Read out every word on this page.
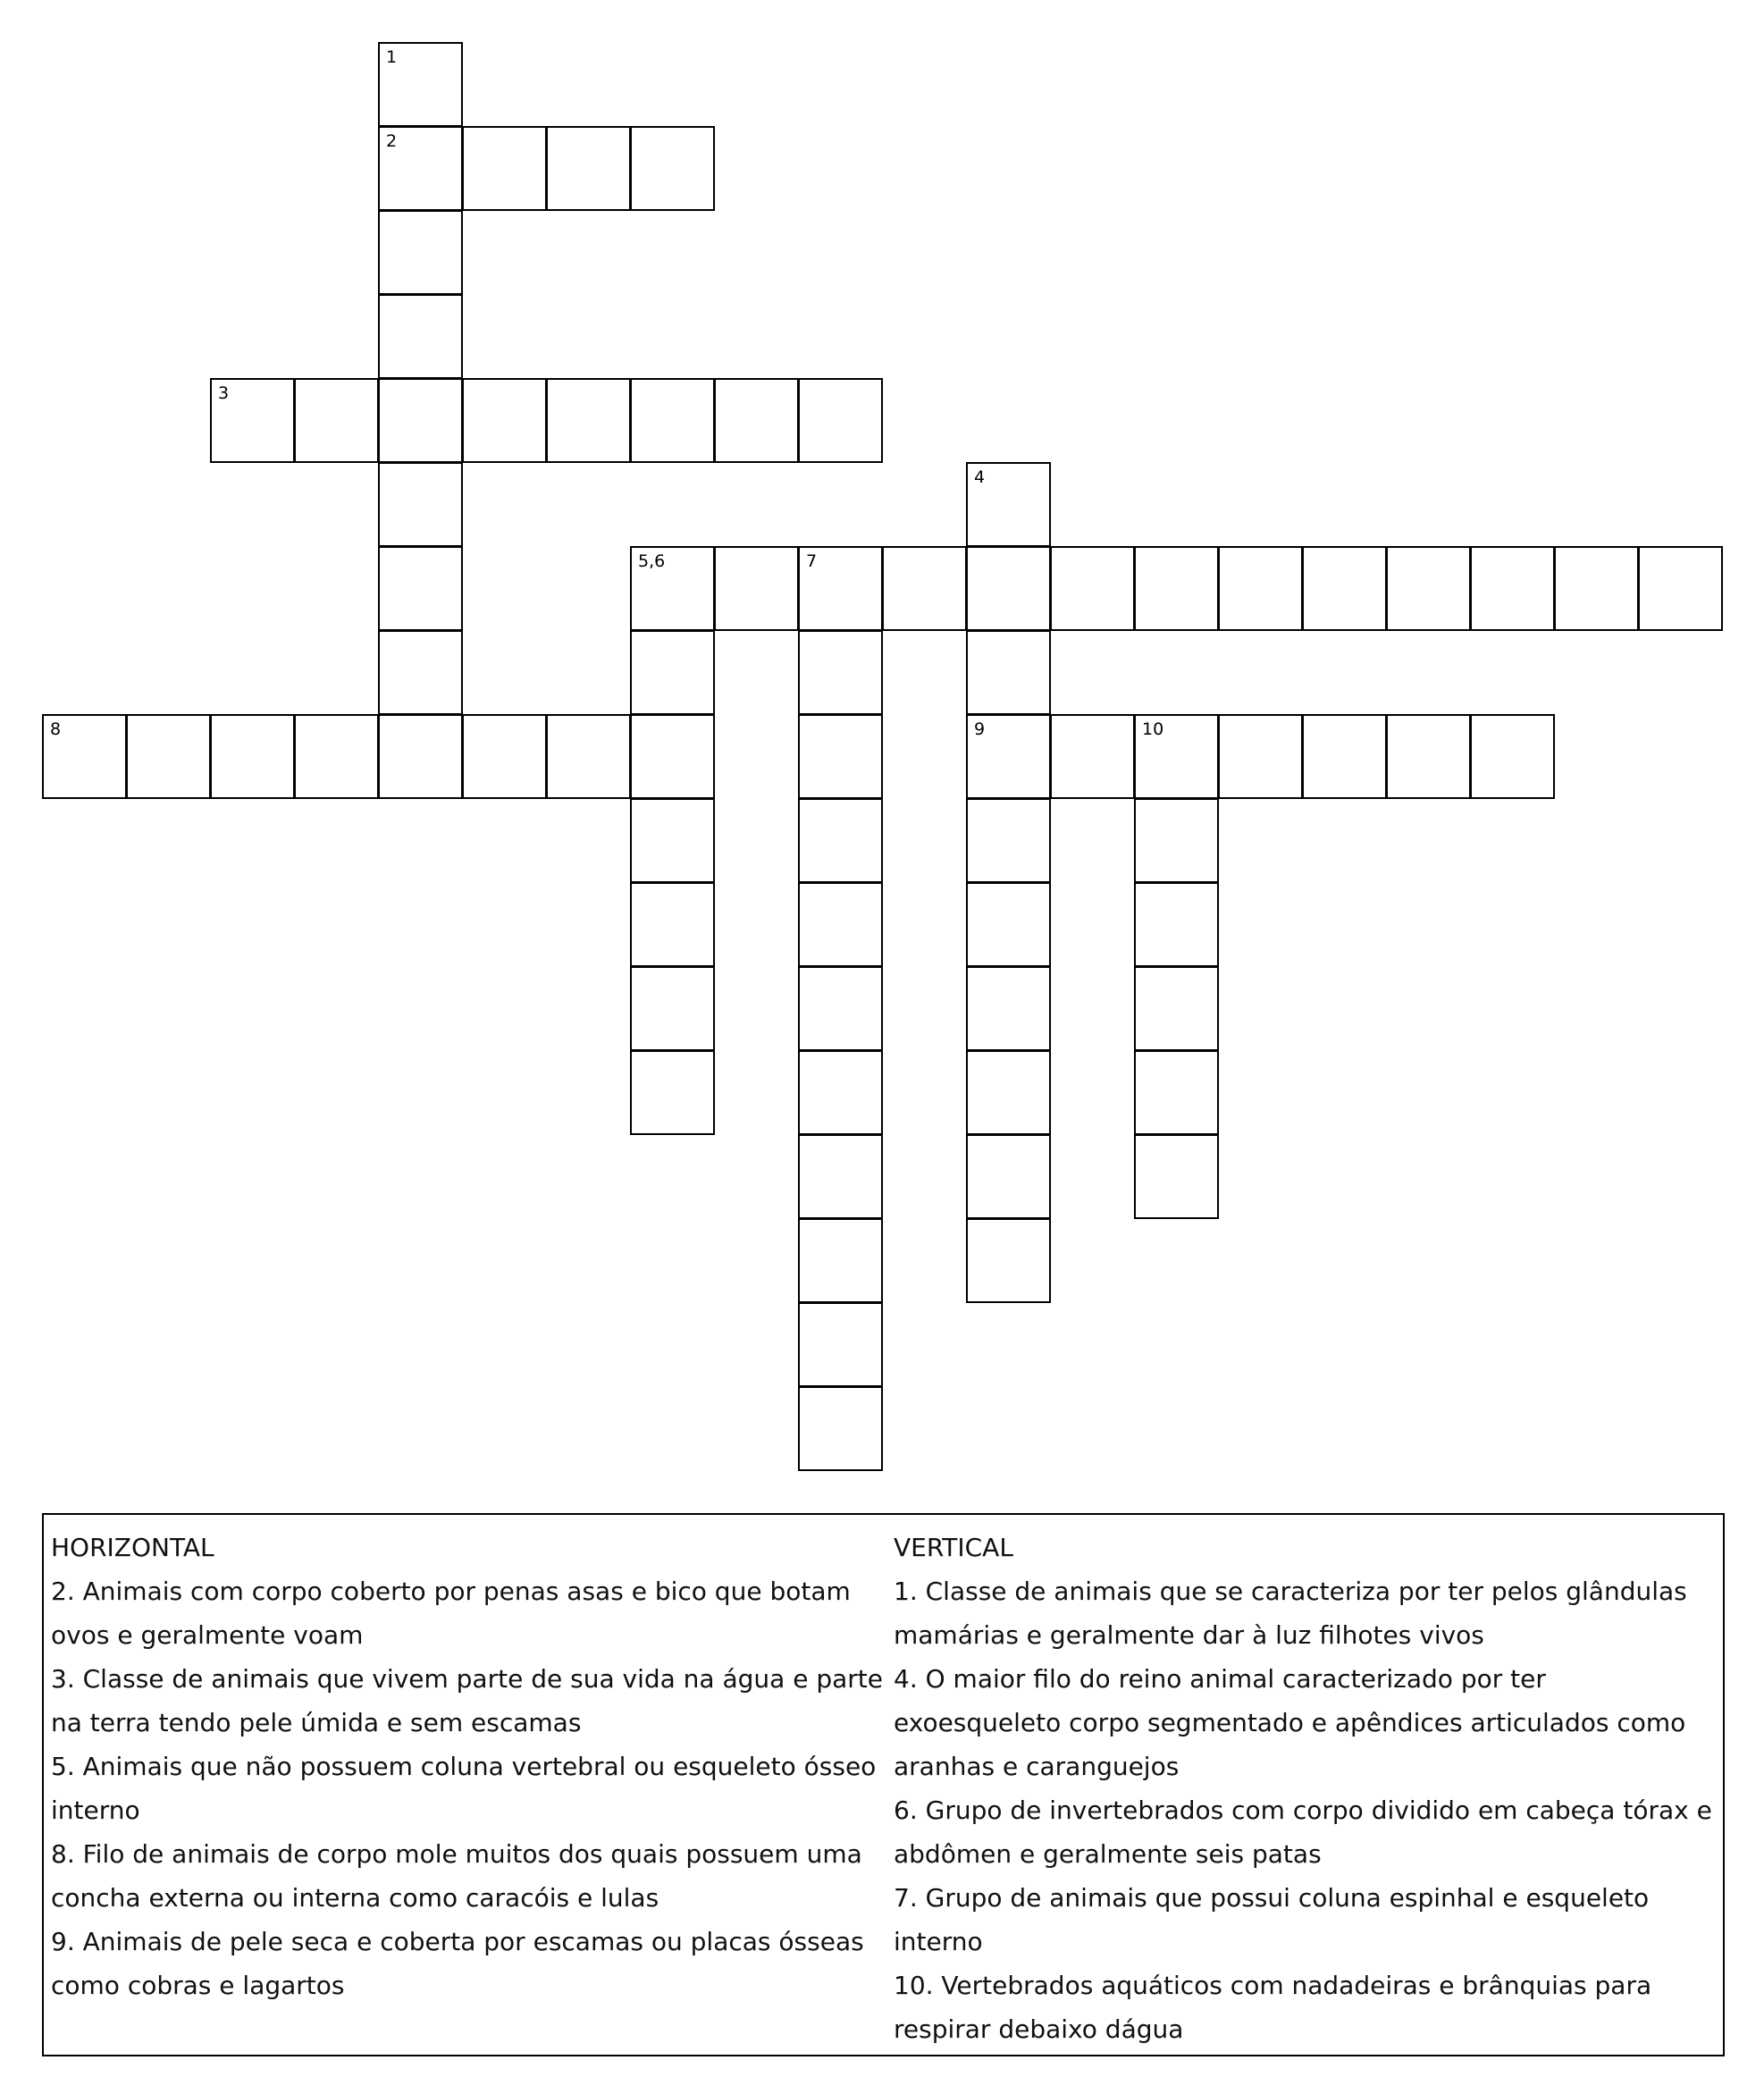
1
2
3
4
5,6	7
8	9	10

HORIZONTAL

2. Animais com corpo coberto por penas asas e bico que botam ovos e geralmente voam

3. Classe de animais que vivem parte de sua vida na água e parte na terra tendo pele úmida e sem escamas

5. Animais que não possuem coluna vertebral ou esqueleto ósseo interno

8. Filo de animais de corpo mole muitos dos quais possuem uma concha externa ou interna como caracóis e lulas

9. Animais de pele seca e coberta por escamas ou placas ósseas como cobras e lagartos

VERTICAL

1. Classe de animais que se caracteriza por ter pelos glândulas mamárias e geralmente dar à luz filhotes vivos

4. O maior filo do reino animal caracterizado por ter exoesqueleto corpo segmentado e apêndices articulados como aranhas e caranguejos

6. Grupo de invertebrados com corpo dividido em cabeça tórax e abdômen e geralmente seis patas

7. Grupo de animais que possui coluna espinhal e esqueleto interno

10. Vertebrados aquáticos com nadadeiras e brânquias para respirar debaixo dágua
